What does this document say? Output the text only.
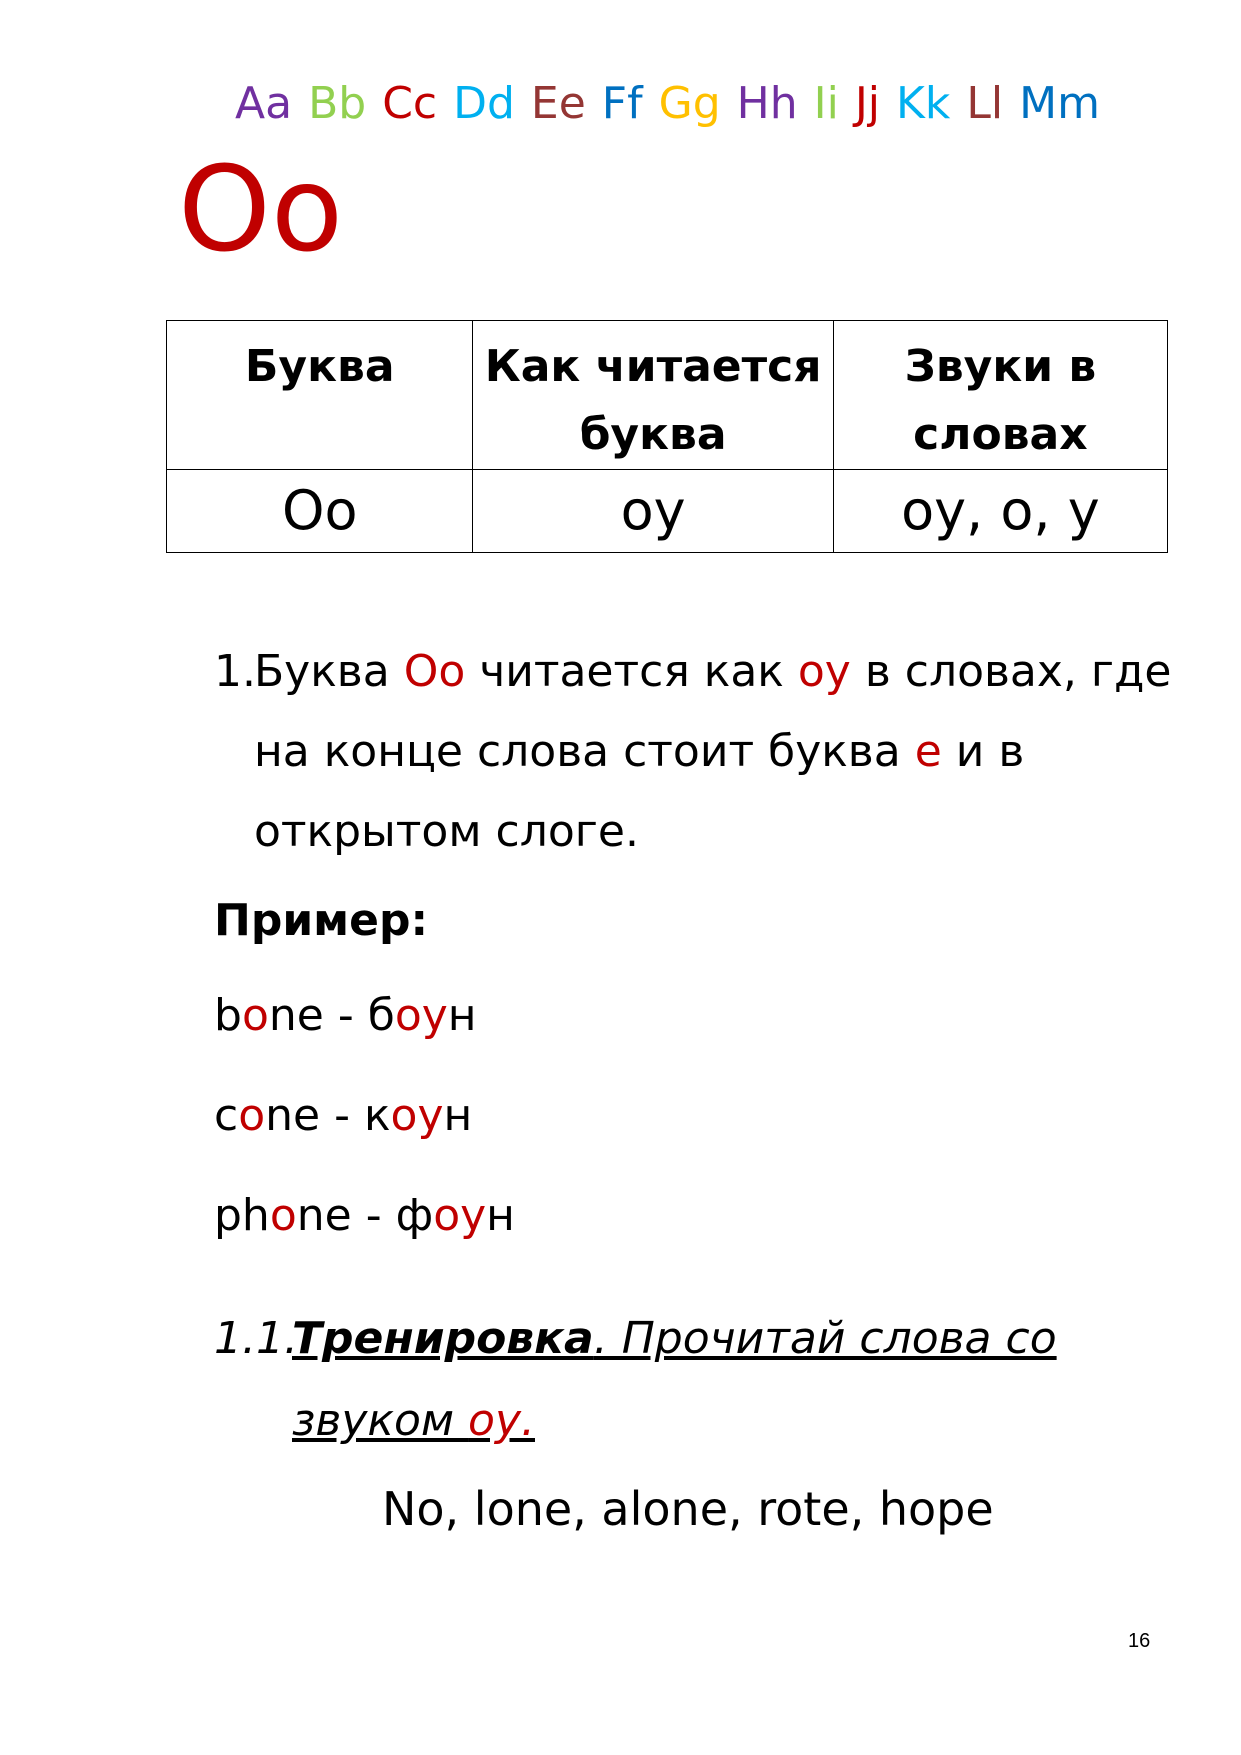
Aa Bb Cc Dd Ee Ff Gg Hh Ii Jj Kk Ll Mm
Oo
Буква	Как читается буква	Звуки в словах
Oo	оу	оу, о, у
1.
Буква Oo читается как оу в словах, где на конце слова стоит буква e и в открытом слоге.
Пример:
bone - боун
cone - коун
phone - фоун
1.1.
Тренировка. Прочитай слова со звуком оу.
No, lone, alone, rote, hope
16
